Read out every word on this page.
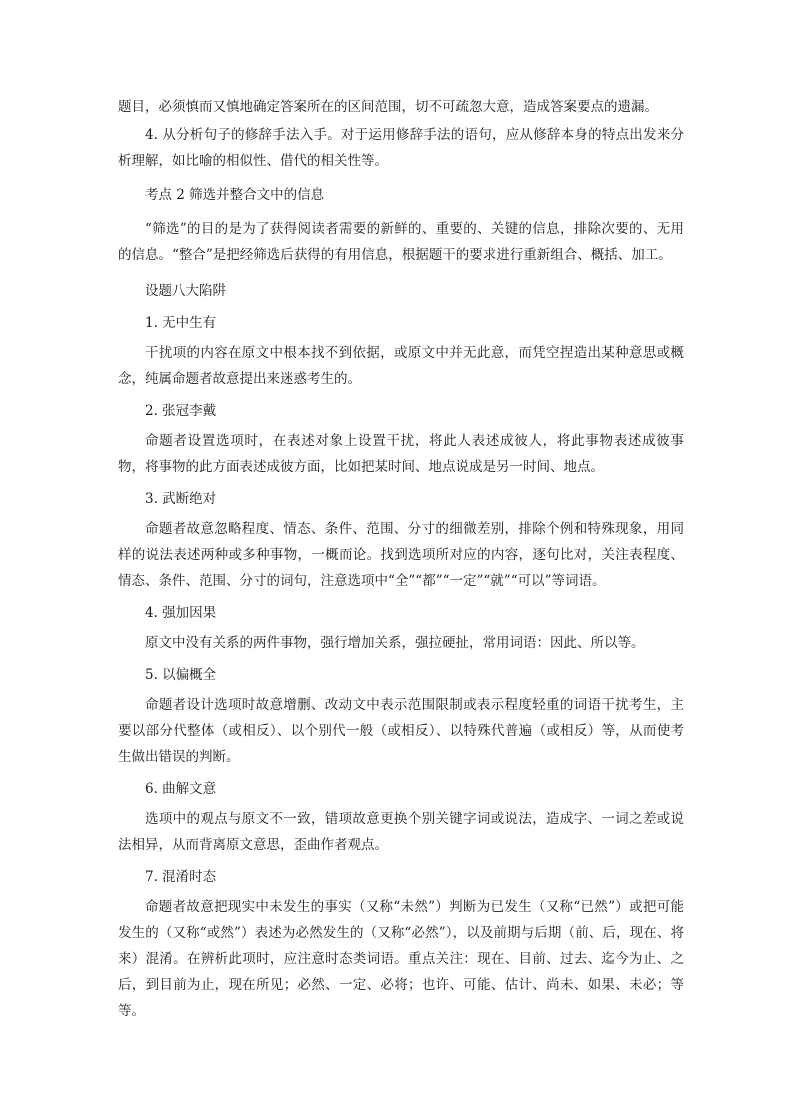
题目，必须慎而又慎地确定答案所在的区间范围，切不可疏忽大意，造成答案要点的遗漏。

4. 从分析句子的修辞手法入手。对于运用修辞手法的语句，应从修辞本身的特点出发来分析理解，如比喻的相似性、借代的相关性等。

考点 2 筛选并整合文中的信息

“筛选”的目的是为了获得阅读者需要的新鲜的、重要的、关键的信息，排除次要的、无用的信息。“整合”是把经筛选后获得的有用信息，根据题干的要求进行重新组合、概括、加工。

设题八大陷阱

1. 无中生有

干扰项的内容在原文中根本找不到依据，或原文中并无此意，而凭空捏造出某种意思或概念，纯属命题者故意提出来迷惑考生的。

2. 张冠李戴

命题者设置选项时，在表述对象上设置干扰，将此人表述成彼人，将此事物表述成彼事物，将事物的此方面表述成彼方面，比如把某时间、地点说成是另一时间、地点。

3. 武断绝对

命题者故意忽略程度、情态、条件、范围、分寸的细微差别，排除个例和特殊现象，用同样的说法表述两种或多种事物，一概而论。找到选项所对应的内容，逐句比对，关注表程度、情态、条件、范围、分寸的词句，注意选项中“全”“都”“一定”“就”“可以”等词语。

4. 强加因果

原文中没有关系的两件事物，强行增加关系，强拉硬扯，常用词语：因此、所以等。

5. 以偏概全

命题者设计选项时故意增删、改动文中表示范围限制或表示程度轻重的词语干扰考生，主要以部分代整体（或相反）、以个别代一般（或相反）、以特殊代普遍（或相反）等，从而使考生做出错误的判断。

6. 曲解文意

选项中的观点与原文不一致，错项故意更换个别关键字词或说法，造成字、一词之差或说法相异，从而背离原文意思，歪曲作者观点。

7. 混淆时态

命题者故意把现实中未发生的事实（又称“未然”）判断为已发生（又称“已然”）或把可能发生的（又称“或然”）表述为必然发生的（又称“必然”），以及前期与后期（前、后，现在、将来）混淆。在辨析此项时，应注意时态类词语。重点关注：现在、目前、过去、迄今为止、之后，到目前为止，现在所见；必然、一定、必将；也许、可能、估计、尚未、如果、未必；等等。
